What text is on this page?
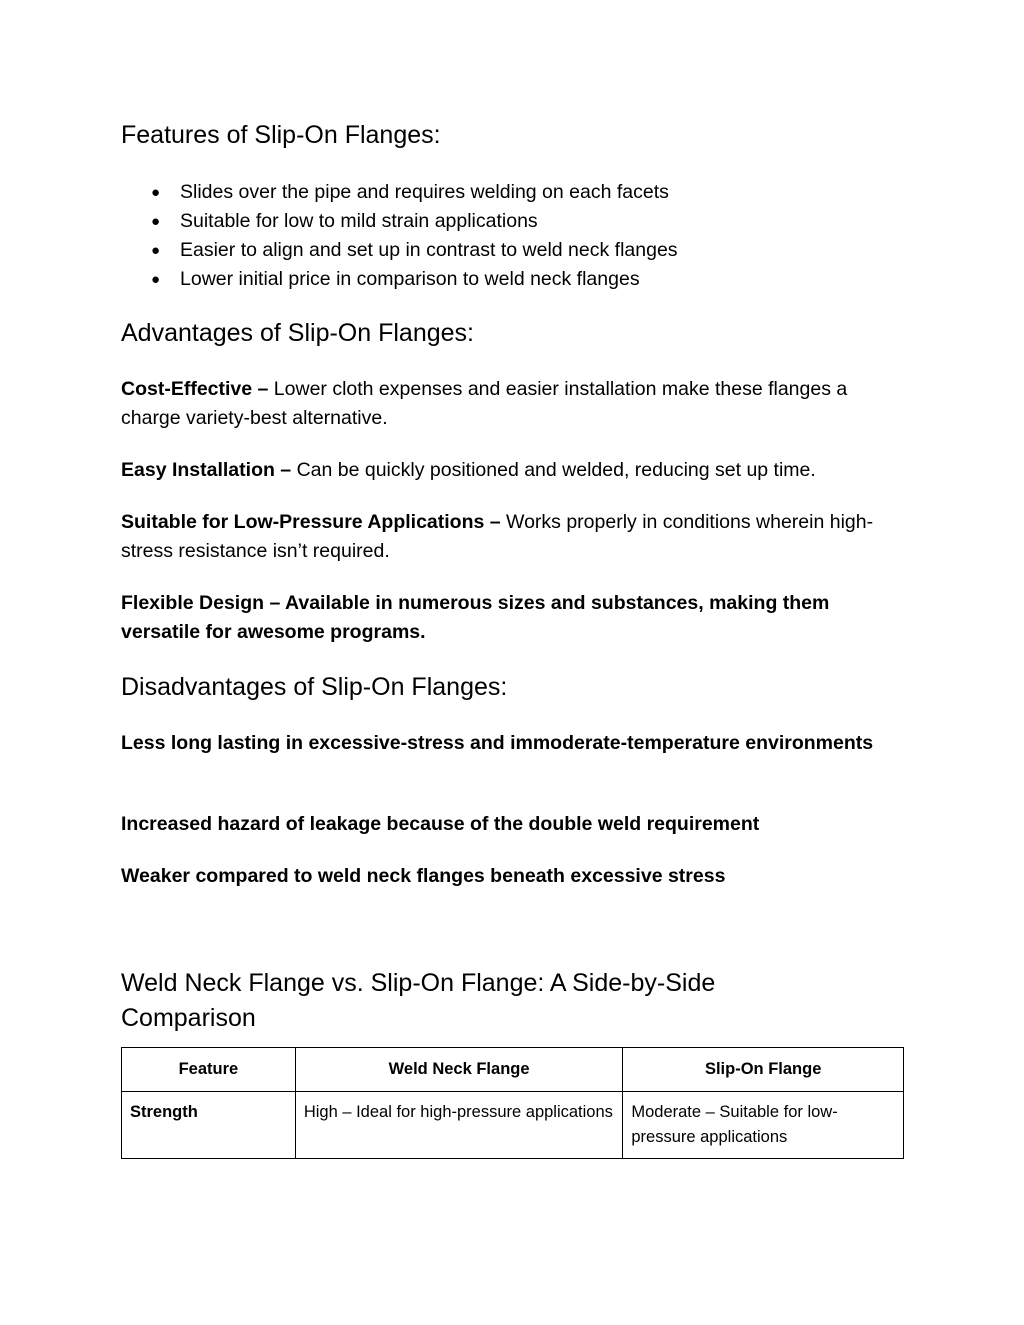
Features of Slip-On Flanges:
● Slides over the pipe and requires welding on each facets
● Suitable for low to mild strain applications
● Easier to align and set up in contrast to weld neck flanges
● Lower initial price in comparison to weld neck flanges
Advantages of Slip-On Flanges:

Cost-Effective – Lower cloth expenses and easier installation make these flanges a charge variety-best alternative.

Easy Installation – Can be quickly positioned and welded, reducing set up time.

Suitable for Low-Pressure Applications – Works properly in conditions wherein high-stress resistance isn’t required.

Flexible Design – Available in numerous sizes and substances, making them versatile for awesome programs.

Disadvantages of Slip-On Flanges:

Less long lasting in excessive-stress and immoderate-temperature environments

Increased hazard of leakage because of the double weld requirement

Weaker compared to weld neck flanges beneath excessive stress

Weld Neck Flange vs. Slip-On Flange: A Side-by-Side Comparison
Feature	Weld Neck Flange	Slip-On Flange
Strength	High – Ideal for high-pressure applications	Moderate – Suitable for low-pressure applications
